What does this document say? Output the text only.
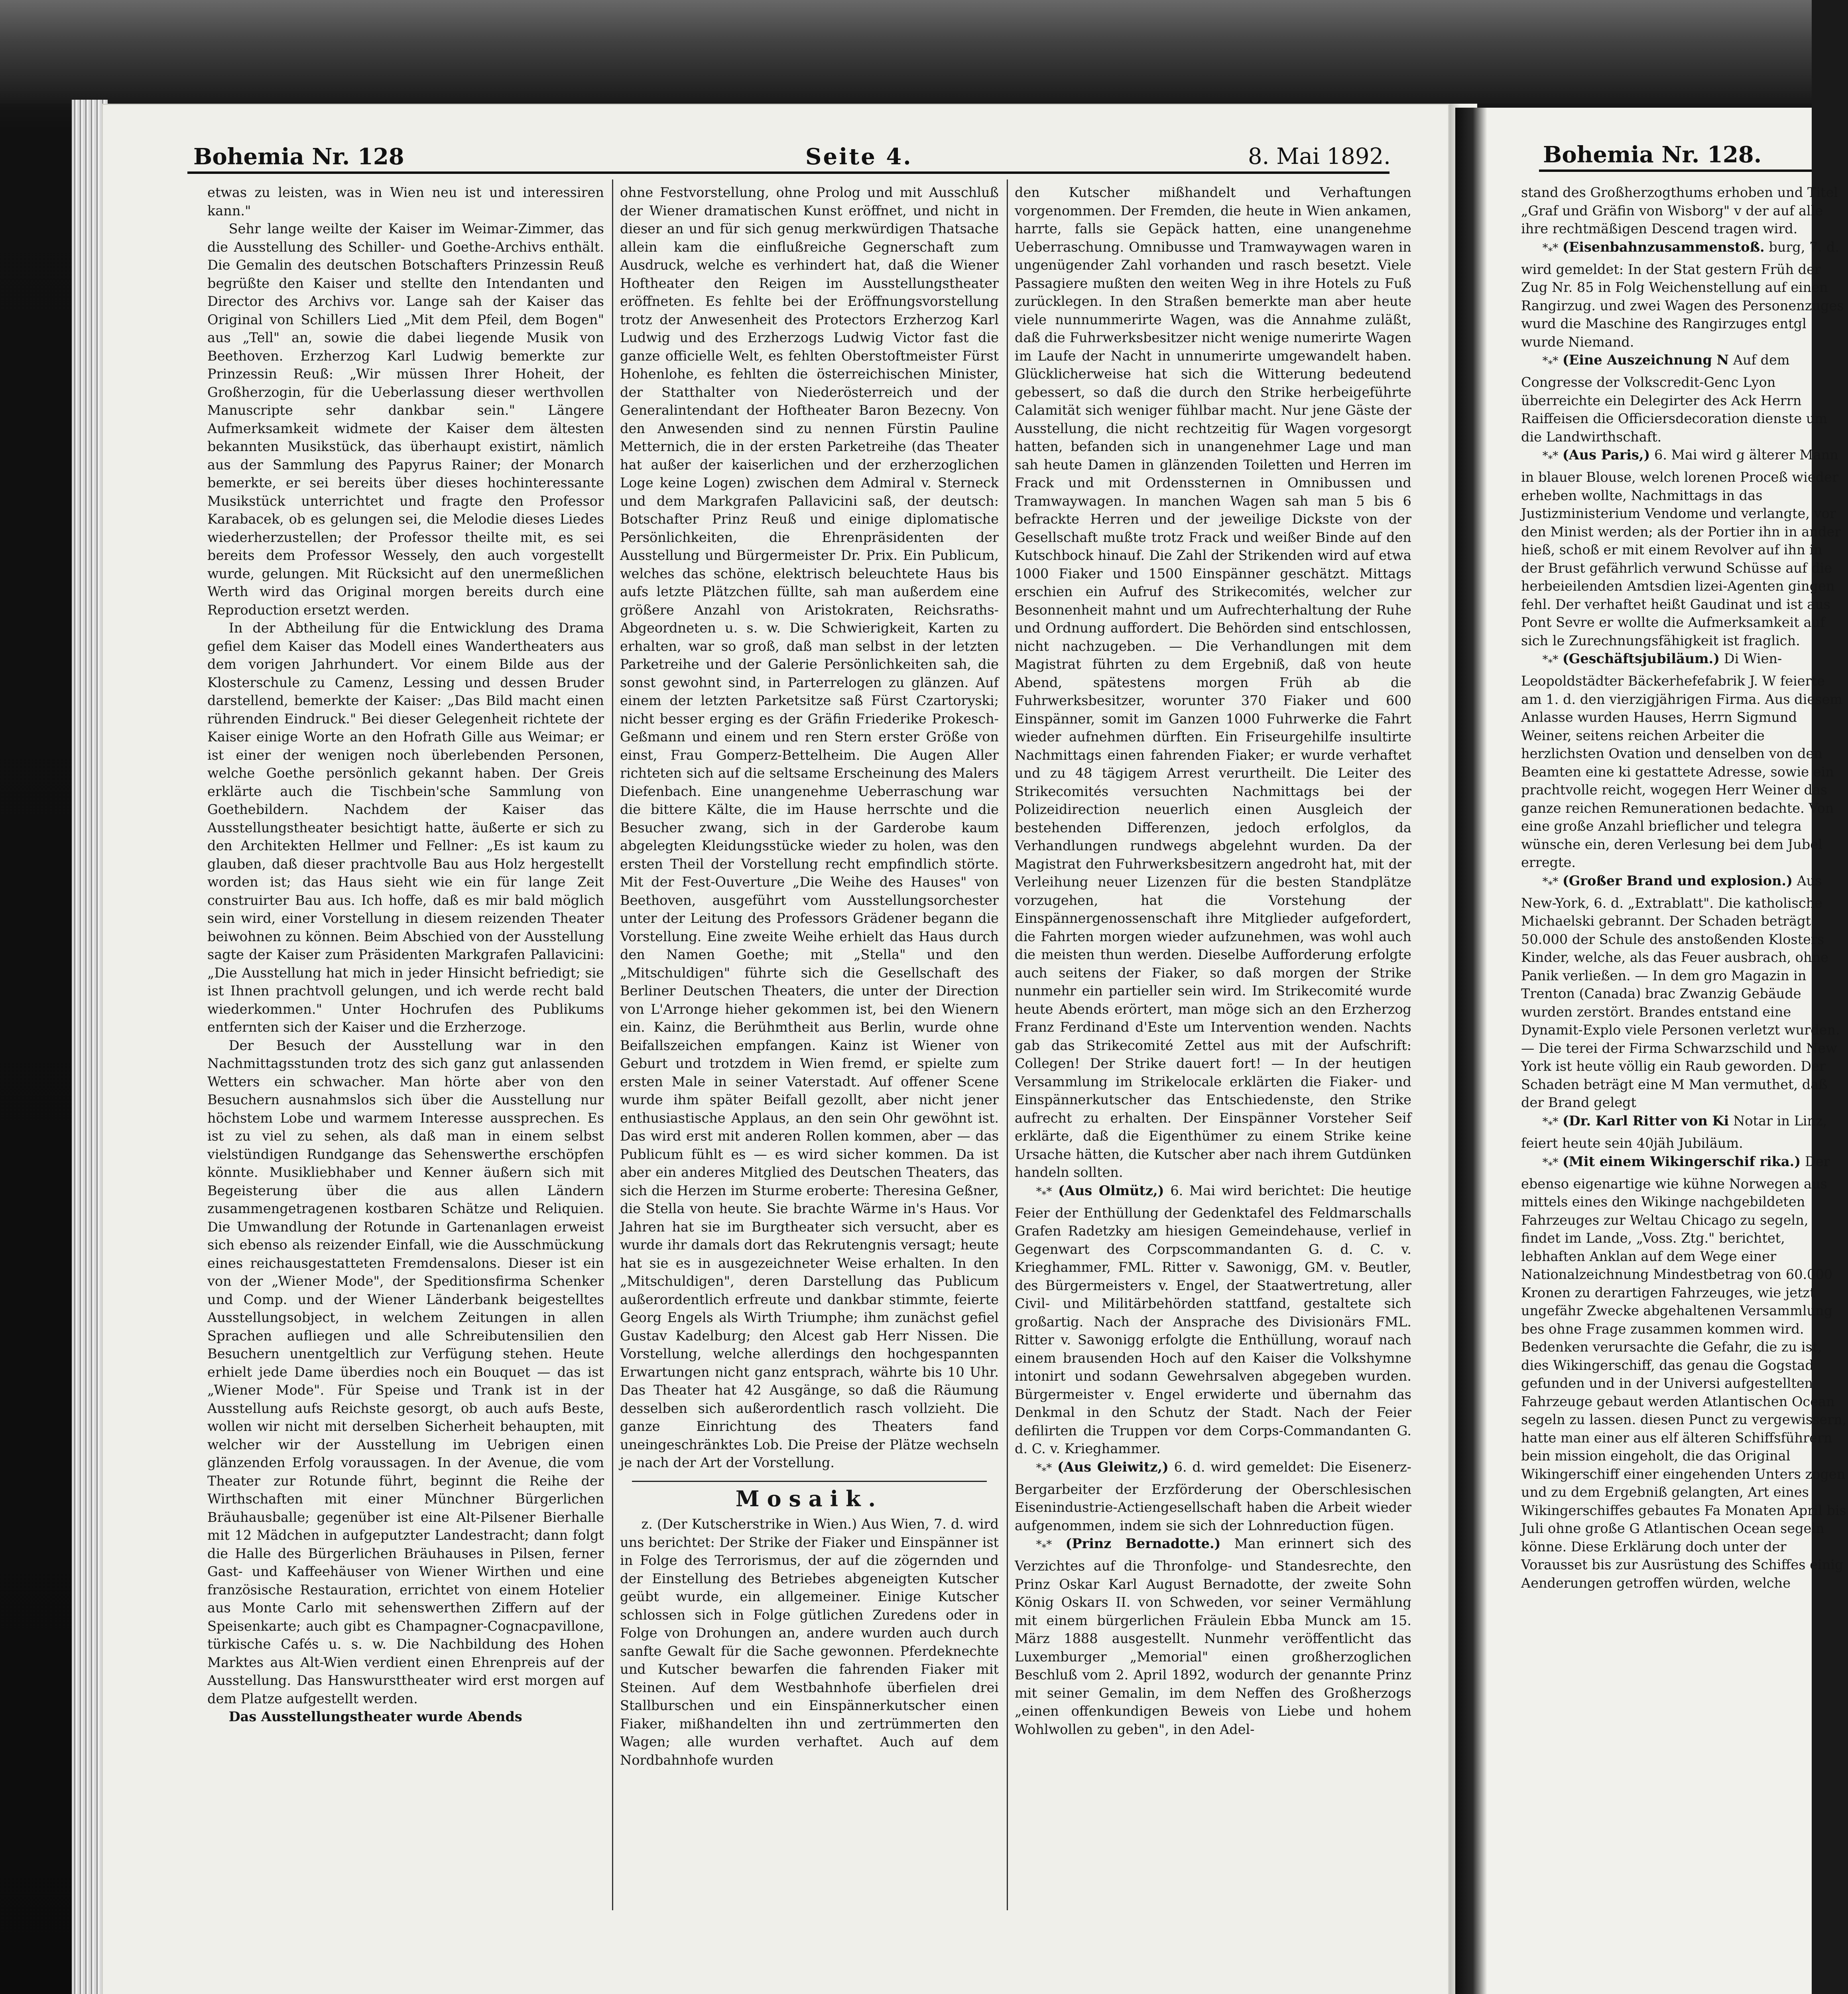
Bohemia Nr. 128	Seite 4.	8. Mai 1892.	Bohemia Nr. 128.

etwas zu leisten, was in Wien neu ist und interessiren kann."

Sehr lange weilte der Kaiser im Weimar-Zimmer, das die Ausstellung des Schiller- und Goethe-Archivs enthält. Die Gemalin des deutschen Botschafters Prinzessin Reuß begrüßte den Kaiser und stellte den Intendanten und Director des Archivs vor. Lange sah der Kaiser das Original von Schillers Lied „Mit dem Pfeil, dem Bogen" aus „Tell" an, sowie die dabei liegende Musik von Beethoven. Erzherzog Karl Ludwig bemerkte zur Prinzessin Reuß: „Wir müssen Ihrer Hoheit, der Großherzogin, für die Ueberlassung dieser werthvollen Manuscripte sehr dankbar sein." Längere Aufmerksamkeit widmete der Kaiser dem ältesten bekannten Musikstück, das überhaupt existirt, nämlich aus der Sammlung des Papyrus Rainer; der Monarch bemerkte, er sei bereits über dieses hochinteressante Musikstück unterrichtet und fragte den Professor Karabacek, ob es gelungen sei, die Melodie dieses Liedes wiederherzustellen; der Professor theilte mit, es sei bereits dem Professor Wessely, den auch vorgestellt wurde, gelungen. Mit Rücksicht auf den unermeßlichen Werth wird das Original morgen bereits durch eine Reproduction ersetzt werden.

In der Abtheilung für die Entwicklung des Drama gefiel dem Kaiser das Modell eines Wandertheaters aus dem vorigen Jahrhundert. Vor einem Bilde aus der Klosterschule zu Camenz, Lessing und dessen Bruder darstellend, bemerkte der Kaiser: „Das Bild macht einen rührenden Eindruck." Bei dieser Gelegenheit richtete der Kaiser einige Worte an den Hofrath Gille aus Weimar; er ist einer der wenigen noch überlebenden Personen, welche Goethe persönlich gekannt haben. Der Greis erklärte auch die Tischbein'sche Sammlung von Goethebildern. Nachdem der Kaiser das Ausstellungstheater besichtigt hatte, äußerte er sich zu den Architekten Hellmer und Fellner: „Es ist kaum zu glauben, daß dieser prachtvolle Bau aus Holz hergestellt worden ist; das Haus sieht wie ein für lange Zeit construirter Bau aus. Ich hoffe, daß es mir bald möglich sein wird, einer Vorstellung in diesem reizenden Theater beiwohnen zu können. Beim Abschied von der Ausstellung sagte der Kaiser zum Präsidenten Markgrafen Pallavicini: „Die Ausstellung hat mich in jeder Hinsicht befriedigt; sie ist Ihnen prachtvoll gelungen, und ich werde recht bald wiederkommen." Unter Hochrufen des Publikums entfernten sich der Kaiser und die Erzherzoge.

Der Besuch der Ausstellung war in den Nachmittagsstunden trotz des sich ganz gut anlassenden Wetters ein schwacher. Man hörte aber von den Besuchern ausnahmslos sich über die Ausstellung nur höchstem Lobe und warmem Interesse aussprechen. Es ist zu viel zu sehen, als daß man in einem selbst vielstündigen Rundgange das Sehenswerthe erschöpfen könnte. Musikliebhaber und Kenner äußern sich mit Begeisterung über die aus allen Ländern zusammengetragenen kostbaren Schätze und Reliquien. Die Umwandlung der Rotunde in Gartenanlagen erweist sich ebenso als reizender Einfall, wie die Ausschmückung eines reichausgestatteten Fremdensalons. Dieser ist ein von der „Wiener Mode", der Speditionsfirma Schenker und Comp. und der Wiener Länderbank beigestelltes Ausstellungsobject, in welchem Zeitungen in allen Sprachen aufliegen und alle Schreibutensilien den Besuchern unentgeltlich zur Verfügung stehen. Heute erhielt jede Dame überdies noch ein Bouquet — das ist „Wiener Mode". Für Speise und Trank ist in der Ausstellung aufs Reichste gesorgt, ob auch aufs Beste, wollen wir nicht mit derselben Sicherheit behaupten, mit welcher wir der Ausstellung im Uebrigen einen glänzenden Erfolg voraussagen. In der Avenue, die vom Theater zur Rotunde führt, beginnt die Reihe der Wirthschaften mit einer Münchner Bürgerlichen Bräuhausballe; gegenüber ist eine Alt-Pilsener Bierhalle mit 12 Mädchen in aufgeputzter Landestracht; dann folgt die Halle des Bürgerlichen Bräuhauses in Pilsen, ferner Gast- und Kaffeehäuser von Wiener Wirthen und eine französische Restauration, errichtet von einem Hotelier aus Monte Carlo mit sehenswerthen Ziffern auf der Speisenkarte; auch gibt es Champagner-Cognacpavillone, türkische Cafés u. s. w. Die Nachbildung des Hohen Marktes aus Alt-Wien verdient einen Ehrenpreis auf der Ausstellung. Das Hanswursttheater wird erst morgen auf dem Platze aufgestellt werden.

Das Ausstellungstheater wurde Abends

ohne Festvorstellung, ohne Prolog und mit Ausschluß der Wiener dramatischen Kunst eröffnet, und nicht in dieser an und für sich genug merkwürdigen Thatsache allein kam die einflußreiche Gegnerschaft zum Ausdruck, welche es verhindert hat, daß die Wiener Hoftheater den Reigen im Ausstellungstheater eröffneten. Es fehlte bei der Eröffnungsvorstellung trotz der Anwesenheit des Protectors Erzherzog Karl Ludwig und des Erzherzogs Ludwig Victor fast die ganze officielle Welt, es fehlten Oberstoftmeister Fürst Hohenlohe, es fehlten die österreichischen Minister, der Statthalter von Niederösterreich und der Generalintendant der Hoftheater Baron Bezecny. Von den Anwesenden sind zu nennen Fürstin Pauline Metternich, die in der ersten Parketreihe (das Theater hat außer der kaiserlichen und der erzherzoglichen Loge keine Logen) zwischen dem Admiral v. Sterneck und dem Markgrafen Pallavicini saß, der deutsch: Botschafter Prinz Reuß und einige diplomatische Persönlichkeiten, die Ehrenpräsidenten der Ausstellung und Bürgermeister Dr. Prix. Ein Publicum, welches das schöne, elektrisch beleuchtete Haus bis aufs letzte Plätzchen füllte, sah man außerdem eine größere Anzahl von Aristokraten, Reichsraths-Abgeordneten u. s. w. Die Schwierigkeit, Karten zu erhalten, war so groß, daß man selbst in der letzten Parketreihe und der Galerie Persönlichkeiten sah, die sonst gewohnt sind, in Parterrelogen zu glänzen. Auf einem der letzten Parketsitze saß Fürst Czartoryski; nicht besser erging es der Gräfin Friederike Prokesch-Geßmann und einem und ren Stern erster Größe von einst, Frau Gomperz-Bettelheim. Die Augen Aller richteten sich auf die seltsame Erscheinung des Malers Diefenbach. Eine unangenehme Ueberraschung war die bittere Kälte, die im Hause herrschte und die Besucher zwang, sich in der Garderobe kaum abgelegten Kleidungsstücke wieder zu holen, was den ersten Theil der Vorstellung recht empfindlich störte. Mit der Fest-Ouverture „Die Weihe des Hauses" von Beethoven, ausgeführt vom Ausstellungsorchester unter der Leitung des Professors Grädener begann die Vorstellung. Eine zweite Weihe erhielt das Haus durch den Namen Goethe; mit „Stella" und den „Mitschuldigen" führte sich die Gesellschaft des Berliner Deutschen Theaters, die unter der Direction von L'Arronge hieher gekommen ist, bei den Wienern ein. Kainz, die Berühmtheit aus Berlin, wurde ohne Beifallszeichen empfangen. Kainz ist Wiener von Geburt und trotzdem in Wien fremd, er spielte zum ersten Male in seiner Vaterstadt. Auf offener Scene wurde ihm später Beifall gezollt, aber nicht jener enthusiastische Applaus, an den sein Ohr gewöhnt ist. Das wird erst mit anderen Rollen kommen, aber — das Publicum fühlt es — es wird sicher kommen. Da ist aber ein anderes Mitglied des Deutschen Theaters, das sich die Herzen im Sturme eroberte: Theresina Geßner, die Stella von heute. Sie brachte Wärme in's Haus. Vor Jahren hat sie im Burgtheater sich versucht, aber es wurde ihr damals dort das Rekrutengnis versagt; heute hat sie es in ausgezeichneter Weise erhalten. In den „Mitschuldigen", deren Darstellung das Publicum außerordentlich erfreute und dankbar stimmte, feierte Georg Engels als Wirth Triumphe; ihm zunächst gefiel Gustav Kadelburg; den Alcest gab Herr Nissen. Die Vorstellung, welche allerdings den hochgespannten Erwartungen nicht ganz entsprach, währte bis 10 Uhr. Das Theater hat 42 Ausgänge, so daß die Räumung desselben sich außerordentlich rasch vollzieht. Die ganze Einrichtung des Theaters fand uneingeschränktes Lob. Die Preise der Plätze wechseln je nach der Art der Vorstellung.

Mosaik.

z. (Der Kutscherstrike in Wien.) Aus Wien, 7. d. wird uns berichtet: Der Strike der Fiaker und Einspänner ist in Folge des Terrorismus, der auf die zögernden und der Einstellung des Betriebes abgeneigten Kutscher geübt wurde, ein allgemeiner. Einige Kutscher schlossen sich in Folge gütlichen Zuredens oder in Folge von Drohungen an, andere wurden auch durch sanfte Gewalt für die Sache gewonnen. Pferdeknechte und Kutscher bewarfen die fahrenden Fiaker mit Steinen. Auf dem Westbahnhofe überfielen drei Stallburschen und ein Einspännerkutscher einen Fiaker, mißhandelten ihn und zertrümmerten den Wagen; alle wurden verhaftet. Auch auf dem Nordbahnhofe wurden

den Kutscher mißhandelt und Verhaftungen vorgenommen. Der Fremden, die heute in Wien ankamen, harrte, falls sie Gepäck hatten, eine unangenehme Ueberraschung. Omnibusse und Tramwaywagen waren in ungenügender Zahl vorhanden und rasch besetzt. Viele Passagiere mußten den weiten Weg in ihre Hotels zu Fuß zurücklegen. In den Straßen bemerkte man aber heute viele nunnummerirte Wagen, was die Annahme zuläßt, daß die Fuhrwerksbesitzer nicht wenige numerirte Wagen im Laufe der Nacht in unnumerirte umgewandelt haben. Glücklicherweise hat sich die Witterung bedeutend gebessert, so daß die durch den Strike herbeigeführte Calamität sich weniger fühlbar macht. Nur jene Gäste der Ausstellung, die nicht rechtzeitig für Wagen vorgesorgt hatten, befanden sich in unangenehmer Lage und man sah heute Damen in glänzenden Toiletten und Herren im Frack und mit Ordenssternen in Omnibussen und Tramwaywagen. In manchen Wagen sah man 5 bis 6 befrackte Herren und der jeweilige Dickste von der Gesellschaft mußte trotz Frack und weißer Binde auf den Kutschbock hinauf. Die Zahl der Strikenden wird auf etwa 1000 Fiaker und 1500 Einspänner geschätzt. Mittags erschien ein Aufruf des Strikecomités, welcher zur Besonnenheit mahnt und um Aufrechterhaltung der Ruhe und Ordnung auffordert. Die Behörden sind entschlossen, nicht nachzugeben. — Die Verhandlungen mit dem Magistrat führten zu dem Ergebniß, daß von heute Abend, spätestens morgen Früh ab die Fuhrwerksbesitzer, worunter 370 Fiaker und 600 Einspänner, somit im Ganzen 1000 Fuhrwerke die Fahrt wieder aufnehmen dürften. Ein Friseurgehilfe insultirte Nachmittags einen fahrenden Fiaker; er wurde verhaftet und zu 48 tägigem Arrest verurtheilt. Die Leiter des Strikecomités versuchten Nachmittags bei der Polizeidirection neuerlich einen Ausgleich der bestehenden Differenzen, jedoch erfolglos, da Verhandlungen rundwegs abgelehnt wurden. Da der Magistrat den Fuhrwerksbesitzern angedroht hat, mit der Verleihung neuer Lizenzen für die besten Standplätze vorzugehen, hat die Vorstehung der Einspännergenossenschaft ihre Mitglieder aufgefordert, die Fahrten morgen wieder aufzunehmen, was wohl auch die meisten thun werden. Dieselbe Aufforderung erfolgte auch seitens der Fiaker, so daß morgen der Strike nunmehr ein partieller sein wird. Im Strikecomité wurde heute Abends erörtert, man möge sich an den Erzherzog Franz Ferdinand d'Este um Intervention wenden. Nachts gab das Strikecomité Zettel aus mit der Aufschrift: Collegen! Der Strike dauert fort! — In der heutigen Versammlung im Strikelocale erklärten die Fiaker- und Einspännerkutscher das Entschiedenste, den Strike aufrecht zu erhalten. Der Einspänner Vorsteher Seif erklärte, daß die Eigenthümer zu einem Strike keine Ursache hätten, die Kutscher aber nach ihrem Gutdünken handeln sollten.

$*_**$ (Aus Olmütz,) 6. Mai wird berichtet: Die heutige Feier der Enthüllung der Gedenktafel des Feldmarschalls Grafen Radetzky am hiesigen Gemeindehause, verlief in Gegenwart des Corpscommandanten G. d. C. v. Krieghammer, FML. Ritter v. Sawonigg, GM. v. Beutler, des Bürgermeisters v. Engel, der Staatwertretung, aller Civil- und Militärbehörden stattfand, gestaltete sich großartig. Nach der Ansprache des Divisionärs FML. Ritter v. Sawonigg erfolgte die Enthüllung, worauf nach einem brausenden Hoch auf den Kaiser die Volkshymne intonirt und sodann Gewehrsalven abgegeben wurden. Bürgermeister v. Engel erwiderte und übernahm das Denkmal in den Schutz der Stadt. Nach der Feier defilirten die Truppen vor dem Corps-Commandanten G. d. C. v. Krieghammer.

$*_**$ (Aus Gleiwitz,) 6. d. wird gemeldet: Die Eisenerz-Bergarbeiter der Erzförderung der Oberschlesischen Eisenindustrie-Actiengesellschaft haben die Arbeit wieder aufgenommen, indem sie sich der Lohnreduction fügen.

$*_**$ (Prinz Bernadotte.) Man erinnert sich des Verzichtes auf die Thronfolge- und Standesrechte, den Prinz Oskar Karl August Bernadotte, der zweite Sohn König Oskars II. von Schweden, vor seiner Vermählung mit einem bürgerlichen Fräulein Ebba Munck am 15. März 1888 ausgestellt. Nunmehr veröffentlicht das Luxemburger „Memorial" einen großherzoglichen Beschluß vom 2. April 1892, wodurch der genannte Prinz mit seiner Gemalin, im dem Neffen des Großherzogs „einen offenkundigen Beweis von Liebe und hohem Wohlwollen zu geben", in den Adel-

stand des Großherzogthums erhoben und Titel „Graf und Gräfin von Wisborg" v der auf alle ihre rechtmäßigen Descend tragen wird.

$*_**$ (Eisenbahnzusammenstoß. burg, 7. d. wird gemeldet: In der Stat gestern Früh der Zug Nr. 85 in Folg Weichenstellung auf einen Rangirzug. und zwei Wagen des Personenzuges wurd die Maschine des Rangirzuges entgl wurde Niemand.

$*_**$ (Eine Auszeichnung N Auf dem Congresse der Volkscredit-Genc Lyon überreichte ein Delegirter des Ack Herrn Raiffeisen die Officiersdecoration dienste um die Landwirthschaft.

$*_**$ (Aus Paris,) 6. Mai wird g älterer Mann in blauer Blouse, welch lorenen Proceß wieder erheben wollte, Nachmittags in das Justizministerium Vendome und verlangte, vor den Minist werden; als der Portier ihn in ander hieß, schoß er mit einem Revolver auf ihn in der Brust gefährlich verwund Schüsse auf die herbeieilenden Amtsdien lizei-Agenten gingen fehl. Der verhaftet heißt Gaudinat und ist aus Pont Sevre er wollte die Aufmerksamkeit auf sich le Zurechnungsfähigkeit ist fraglich.

$*_**$ (Geschäftsjubiläum.) Di Wien-Leopoldstädter Bäckerhefefabrik J. W feierte am 1. d. den vierzigjährigen Firma. Aus diesem Anlasse wurden Hauses, Herrn Sigmund Weiner, seitens reichen Arbeiter die herzlichsten Ovation und denselben von den Beamten eine ki gestattete Adresse, sowie ein prachtvolle reicht, wogegen Herr Weiner das ganze reichen Remunerationen bedachte. Von eine große Anzahl brieflicher und telegra wünsche ein, deren Verlesung bei dem Jubel erregte.

$*_**$ (Großer Brand und explosion.) Aus New-York, 6. d. „Extrablatt". Die katholische Michaelski gebrannt. Der Schaden beträgt 50.000 der Schule des anstoßenden Klosters Kinder, welche, als das Feuer ausbrach, ohne Panik verließen. — In dem gro Magazin in Trenton (Canada) brac Zwanzig Gebäude wurden zerstört. Brandes entstand eine Dynamit-Explo viele Personen verletzt wurden. — Die terei der Firma Schwarzschild und New York ist heute völlig ein Raub geworden. Der Schaden beträgt eine M Man vermuthet, daß der Brand gelegt

$*_**$ (Dr. Karl Ritter von Ki Notar in Linz, feiert heute sein 40jäh Jubiläum.

$*_**$ (Mit einem Wikingerschif rika.) Der ebenso eigenartige wie kühne Norwegen aus mittels eines den Wikinge nachgebildeten Fahrzeuges zur Weltau Chicago zu segeln, findet im Lande, „Voss. Ztg." berichtet, lebhaften Anklan auf dem Wege einer Nationalzeichnung Mindestbetrag von 60.000 Kronen zu derartigen Fahrzeuges, wie jetzt ungefähr Zwecke abgehaltenen Versammlung bes ohne Frage zusammen kommen wird. Bedenken verursachte die Gefahr, die zu ist, dies Wikingerschiff, das genau die Gogstad gefunden und in der Universi aufgestellten Fahrzeuge gebaut werden Atlantischen Ocean segeln zu lassen. diesen Punct zu vergewissern, hatte man einer aus elf älteren Schiffsführern bein mission eingeholt, die das Original Wikingerschiff einer eingehenden Unters zogen und zu dem Ergebniß gelangten, Art eines Wikingerschiffes gebautes Fa Monaten April bis Juli ohne große G Atlantischen Ocean segeln könne. Diese Erklärung doch unter der Vorausset bis zur Ausrüstung des Schiffes einig Aenderungen getroffen würden, welche
